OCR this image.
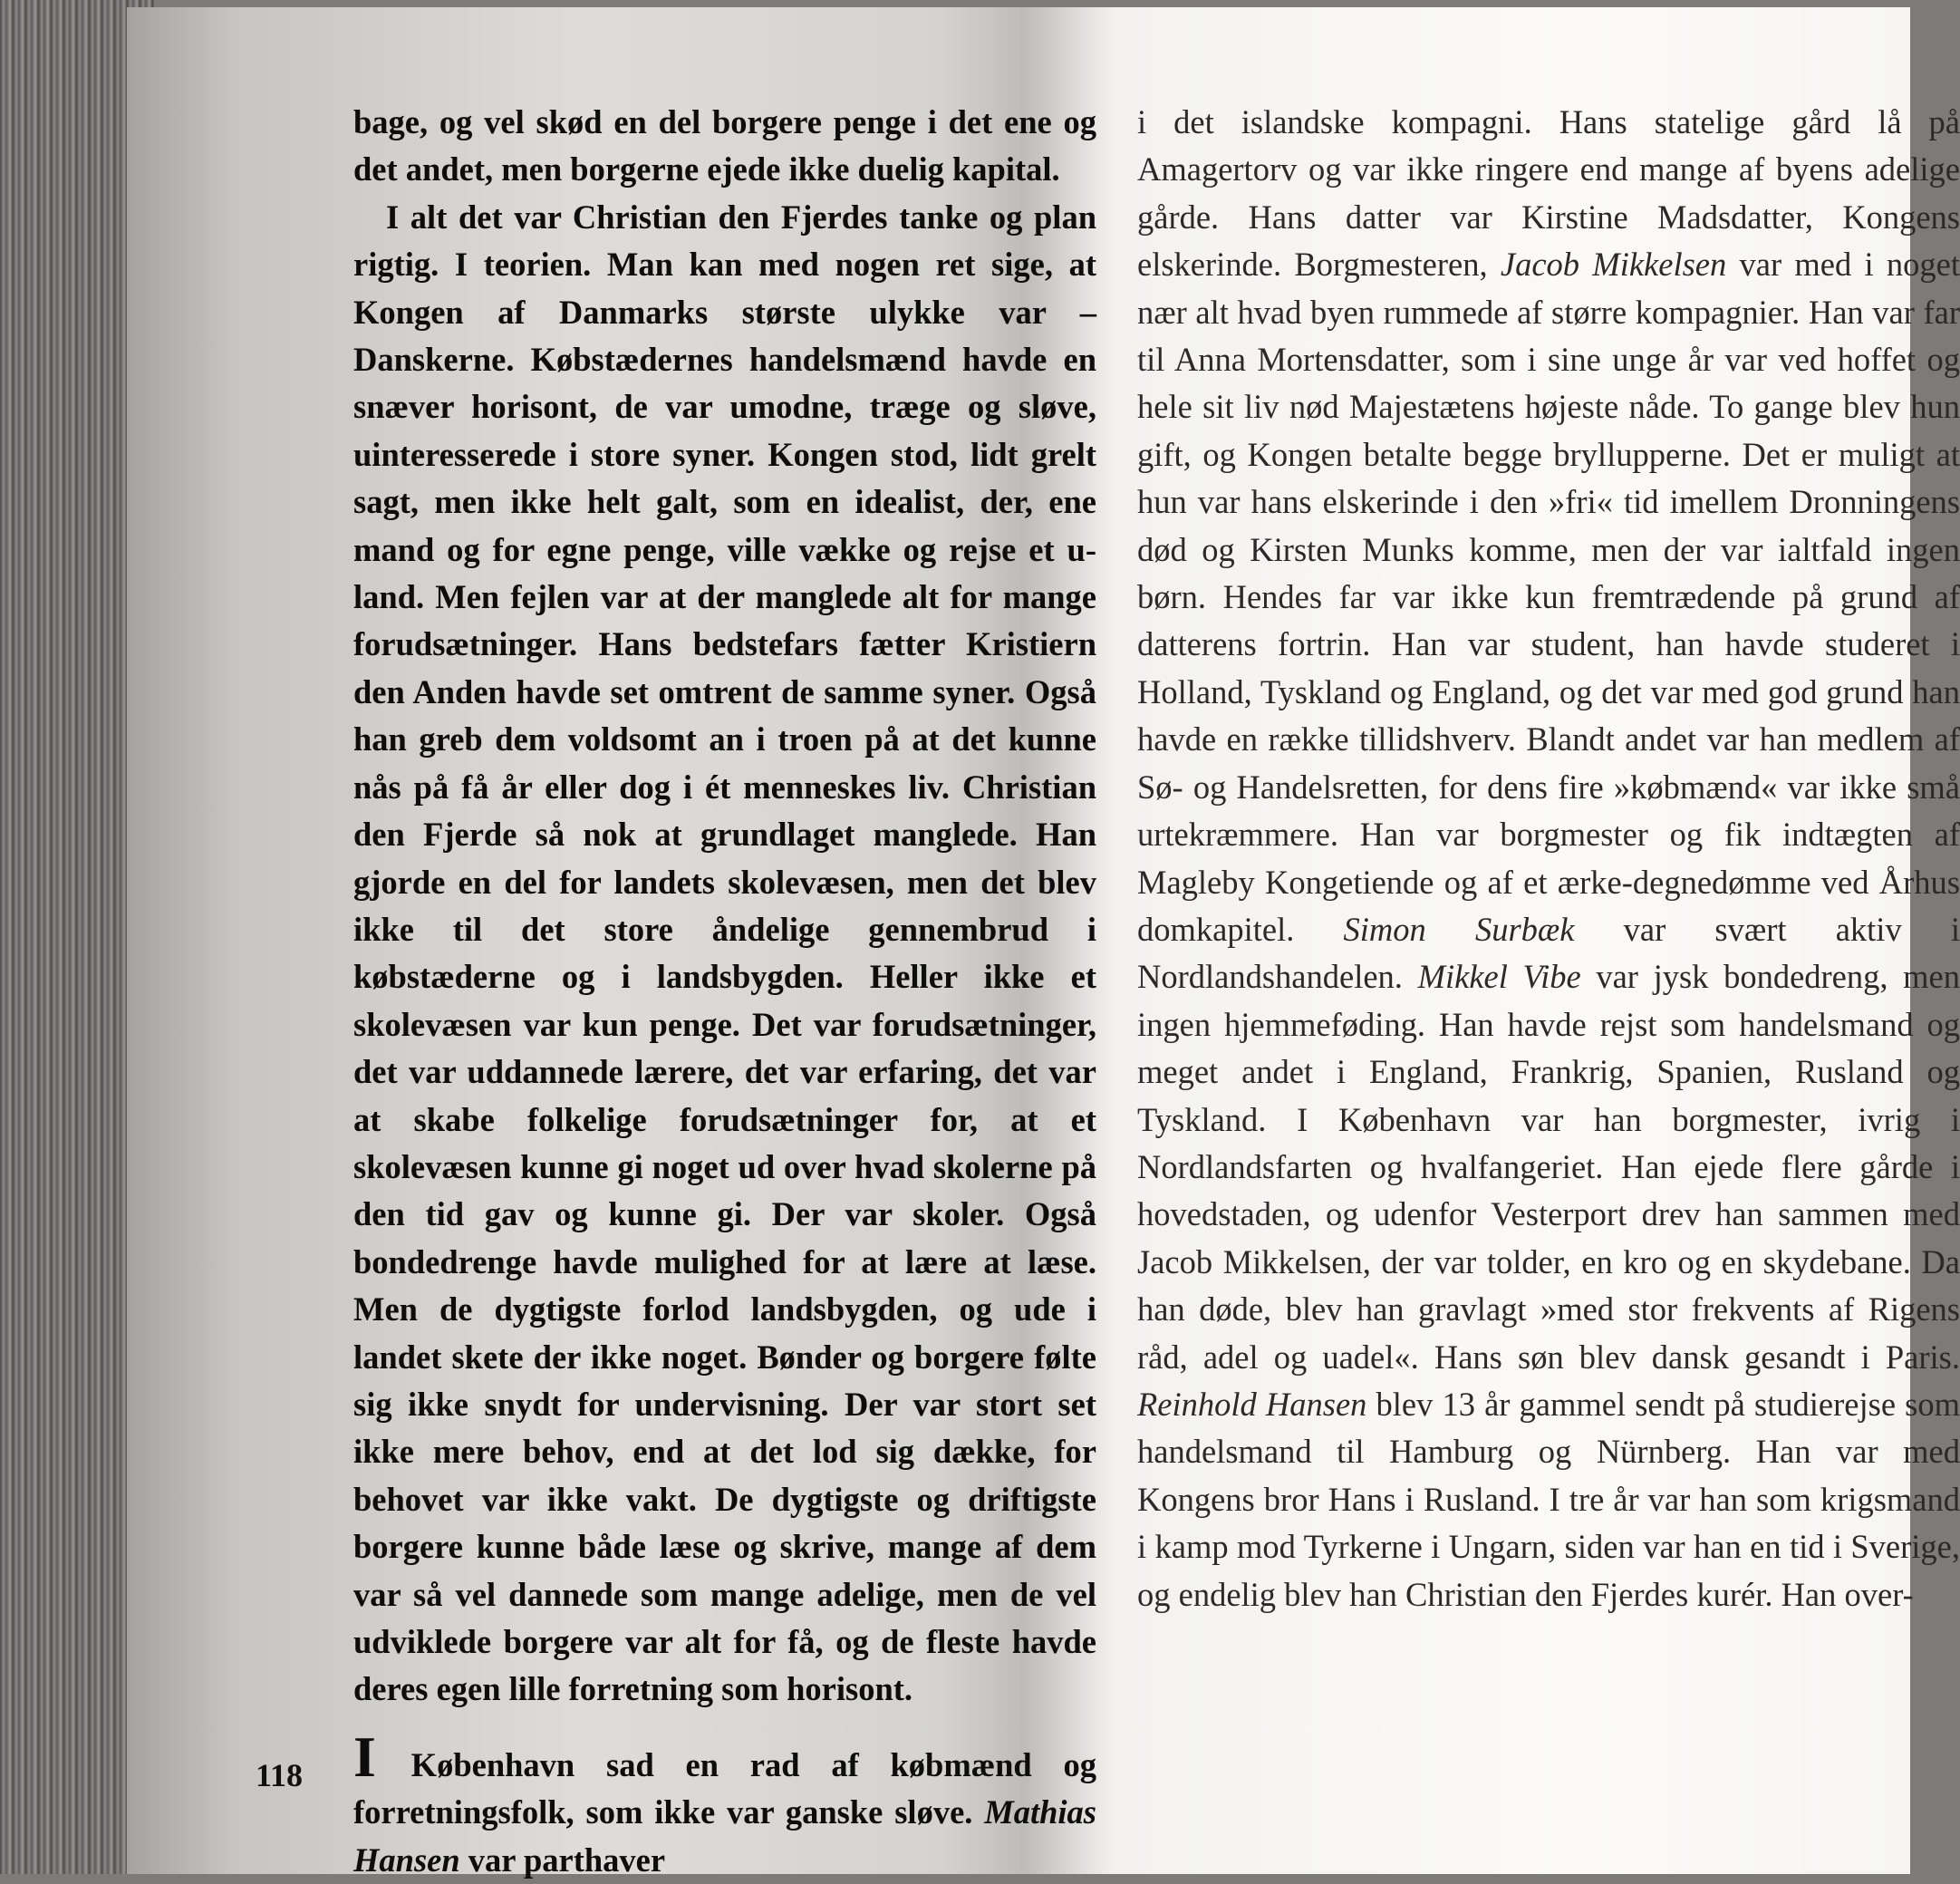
bage, og vel skød en del borgere penge i det ene og det andet, men borgerne ejede ikke duelig kapital.

I alt det var Christian den Fjerdes tanke og plan rigtig. I teorien. Man kan med nogen ret sige, at Kongen af Danmarks største ulykke var – Danskerne. Købstædernes handelsmænd havde en snæver horisont, de var umodne, træge og sløve, uinteresserede i store syner. Kongen stod, lidt grelt sagt, men ikke helt galt, som en idealist, der, ene mand og for egne penge, ville vække og rejse et u-land. Men fejlen var at der manglede alt for mange forudsætninger. Hans bedstefars fætter Kristiern den Anden havde set omtrent de samme syner. Også han greb dem voldsomt an i troen på at det kunne nås på få år eller dog i ét menneskes liv. Christian den Fjerde så nok at grundlaget manglede. Han gjorde en del for landets skolevæsen, men det blev ikke til det store åndelige gennembrud i købstæderne og i landsbygden. Heller ikke et skolevæsen var kun penge. Det var forudsætninger, det var uddannede lærere, det var erfaring, det var at skabe folkelige forudsætninger for, at et skolevæsen kunne gi noget ud over hvad skolerne på den tid gav og kunne gi. Der var skoler. Også bondedrenge havde mulighed for at lære at læse. Men de dygtigste forlod landsbygden, og ude i landet skete der ikke noget. Bønder og borgere følte sig ikke snydt for undervisning. Der var stort set ikke mere behov, end at det lod sig dække, for behovet var ikke vakt. De dygtigste og driftigste borgere kunne både læse og skrive, mange af dem var så vel dannede som mange adelige, men de vel udviklede borgere var alt for få, og de fleste havde deres egen lille forretning som horisont.

I København sad en rad af købmænd og forretningsfolk, som ikke var ganske sløve. Mathias Hansen var parthaver

i det islandske kompagni. Hans statelige gård lå på Amagertorv og var ikke ringere end mange af byens adelige gårde. Hans datter var Kirstine Madsdatter, Kongens elskerinde. Borgmesteren, Jacob Mikkelsen var med i noget nær alt hvad byen rummede af større kompagnier. Han var far til Anna Mortensdatter, som i sine unge år var ved hoffet og hele sit liv nød Majestætens højeste nåde. To gange blev hun gift, og Kongen betalte begge bryllupperne. Det er muligt at hun var hans elskerinde i den »fri« tid imellem Dronningens død og Kirsten Munks komme, men der var ialtfald ingen børn. Hendes far var ikke kun fremtrædende på grund af datterens fortrin. Han var student, han havde studeret i Holland, Tyskland og England, og det var med god grund han havde en række tillidshverv. Blandt andet var han medlem af Sø- og Handelsretten, for dens fire »købmænd« var ikke små urtekræmmere. Han var borgmester og fik indtægten af Magleby Kongetiende og af et ærke-degnedømme ved Århus domkapitel. Simon Surbæk var svært aktiv i Nordlandshandelen. Mikkel Vibe var jysk bondedreng, men ingen hjemmeføding. Han havde rejst som handelsmand og meget andet i England, Frankrig, Spanien, Rusland og Tyskland. I København var han borgmester, ivrig i Nordlandsfarten og hvalfangeriet. Han ejede flere gårde i hovedstaden, og udenfor Vesterport drev han sammen med Jacob Mikkelsen, der var tolder, en kro og en skydebane. Da han døde, blev han gravlagt »med stor frekvents af Rigens råd, adel og uadel«. Hans søn blev dansk gesandt i Paris. Reinhold Hansen blev 13 år gammel sendt på studierejse som handelsmand til Hamburg og Nürnberg. Han var med Kongens bror Hans i Rusland. I tre år var han som krigsmand i kamp mod Tyrkerne i Ungarn, siden var han en tid i Sverige, og endelig blev han Christian den Fjerdes kurér. Han over-

118
